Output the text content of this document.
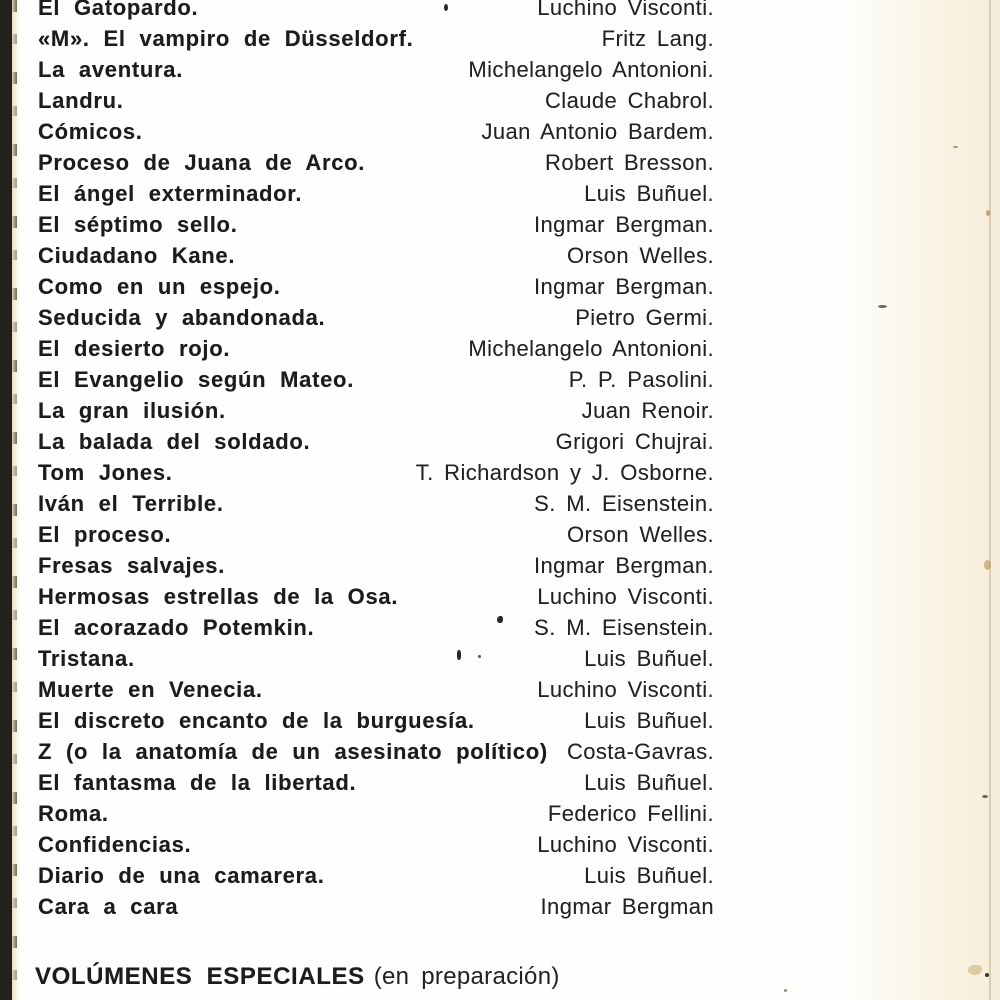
El Gatopardo.	Luchino Visconti.
«M». El vampiro de Düsseldorf.	Fritz Lang.
La aventura.	Michelangelo Antonioni.
Landru.	Claude Chabrol.
Cómicos.	Juan Antonio Bardem.
Proceso de Juana de Arco.	Robert Bresson.
El ángel exterminador.	Luis Buñuel.
El séptimo sello.	Ingmar Bergman.
Ciudadano Kane.	Orson Welles.
Como en un espejo.	Ingmar Bergman.
Seducida y abandonada.	Pietro Germi.
El desierto rojo.	Michelangelo Antonioni.
El Evangelio según Mateo.	P. P. Pasolini.
La gran ilusión.	Juan Renoir.
La balada del soldado.	Grigori Chujrai.
Tom Jones.	T. Richardson y J. Osborne.
Iván el Terrible.	S. M. Eisenstein.
El proceso.	Orson Welles.
Fresas salvajes.	Ingmar Bergman.
Hermosas estrellas de la Osa.	Luchino Visconti.
El acorazado Potemkin.	S. M. Eisenstein.
Tristana.	Luis Buñuel.
Muerte en Venecia.	Luchino Visconti.
El discreto encanto de la burguesía.	Luis Buñuel.
Z (o la anatomía de un asesinato político) Costa-Gavras.
El fantasma de la libertad.	Luis Buñuel.
Roma.	Federico Fellini.
Confidencias.	Luchino Visconti.
Diario de una camarera.	Luis Buñuel.
Cara a cara	Ingmar Bergman
VOLÚMENES ESPECIALES (en preparación)
